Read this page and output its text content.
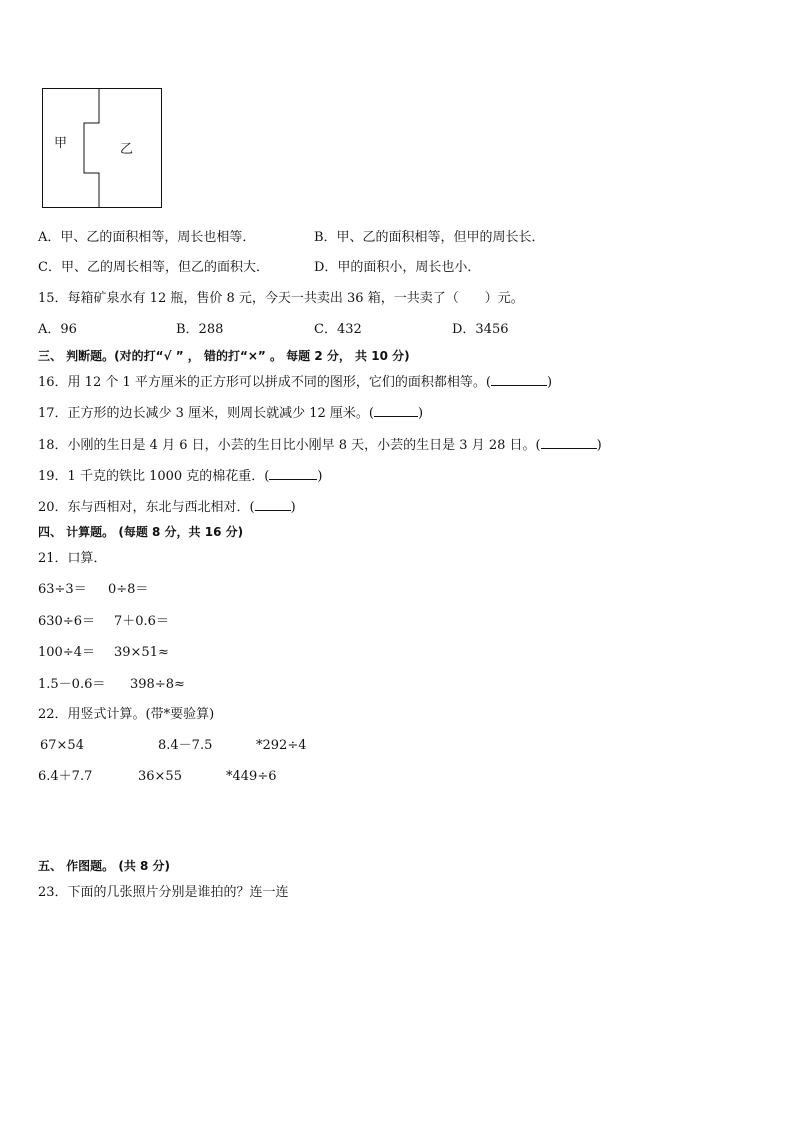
甲	乙
A．甲、乙的面积相等，周长也相等．	B．甲、乙的面积相等，但甲的周长长．
C．甲、乙的周长相等，但乙的面积大．	D．甲的面积小，周长也小．
15．每箱矿泉水有 12 瓶，售价 8 元，今天一共卖出 36 箱，一共卖了（　　）元。
A．96	B．288	C．432	D．3456
三、 判断题。(对的打“√ ” ， 错的打“×” 。 每题 2 分， 共 10 分)
16．用 12 个 1 平方厘米的正方形可以拼成不同的图形，它们的面积都相等。(	)
17．正方形的边长减少 3 厘米，则周长就减少 12 厘米。(	)
18．小刚的生日是 4 月 6 日，小芸的生日比小刚早 8 天，小芸的生日是 3 月 28 日。(	)
19．1 千克的铁比 1000 克的棉花重．(	)
20．东与西相对，东北与西北相对．(	)
四、 计算题。 (每题 8 分，共 16 分)
21．口算．
63÷3＝ 0÷8＝
630÷6＝ 7＋0.6＝
100÷4＝ 39×51≈
1.5－0.6＝ 398÷8≈
22．用竖式计算。(带*要验算)
67×54	8.4－7.5	*292÷4
6.4＋7.7	36×55	*449÷6
五、 作图题。 (共 8 分)
23．下面的几张照片分别是谁拍的？连一连
